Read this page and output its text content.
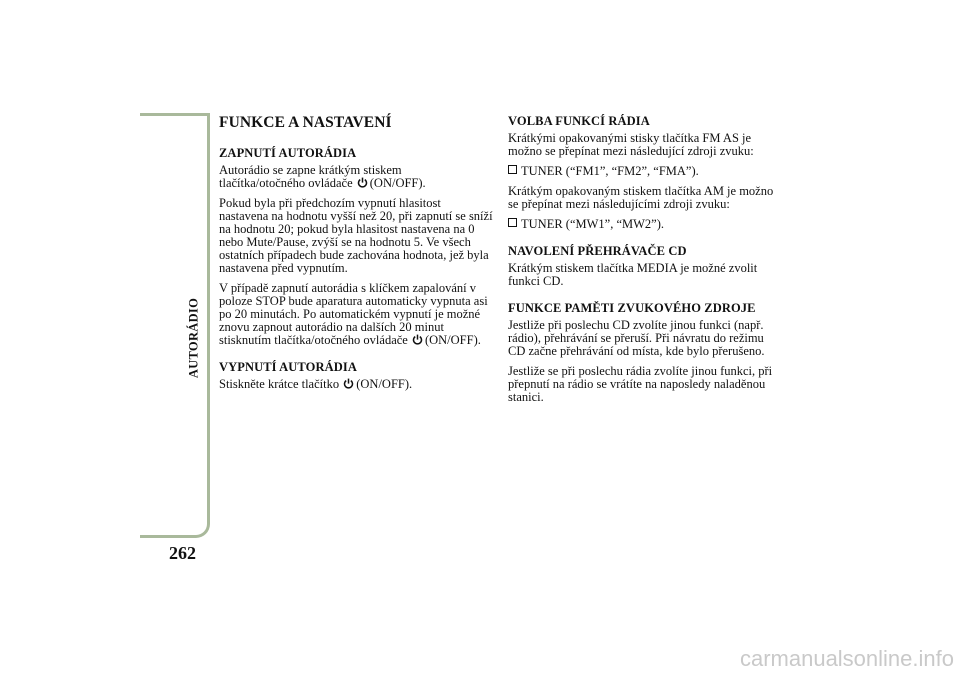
AUTORÁDIO
262
FUNKCE A NASTAVENÍ
ZAPNUTÍ AUTORÁDIA
Autorádio se zapne krátkým stiskem
tlačítka/otočného ovládače (ON/OFF).
Pokud byla při předchozím vypnutí hlasitost
nastavena na hodnotu vyšší než 20, při zapnutí se sníží
na hodnotu 20; pokud byla hlasitost nastavena na 0
nebo Mute/Pause, zvýší se na hodnotu 5. Ve všech
ostatních případech bude zachována hodnota, jež byla
nastavena před vypnutím.
V případě zapnutí autorádia s klíčkem zapalování v
poloze STOP bude aparatura automaticky vypnuta asi
po 20 minutách. Po automatickém vypnutí je možné
znovu zapnout autorádio na dalších 20 minut
stisknutím tlačítka/otočného ovládače (ON/OFF).
VYPNUTÍ AUTORÁDIA
Stiskněte krátce tlačítko (ON/OFF).
VOLBA FUNKCÍ RÁDIA
Krátkými opakovanými stisky tlačítka FM AS je
možno se přepínat mezi následující zdroji zvuku:
TUNER (“FM1”, “FM2”, “FMA”).
Krátkým opakovaným stiskem tlačítka AM je možno
se přepínat mezi následujícími zdroji zvuku:
TUNER (“MW1”, “MW2”).
NAVOLENÍ PŘEHRÁVAČE CD
Krátkým stiskem tlačítka MEDIA je možné zvolit
funkci CD.
FUNKCE PAMĚTI ZVUKOVÉHO ZDROJE
Jestliže při poslechu CD zvolíte jinou funkci (např.
rádio), přehrávání se přeruší. Při návratu do režimu
CD začne přehrávání od místa, kde bylo přerušeno.
Jestliže se při poslechu rádia zvolíte jinou funkci, při
přepnutí na rádio se vrátíte na naposledy naladěnou
stanici.
carmanualsonline.info
